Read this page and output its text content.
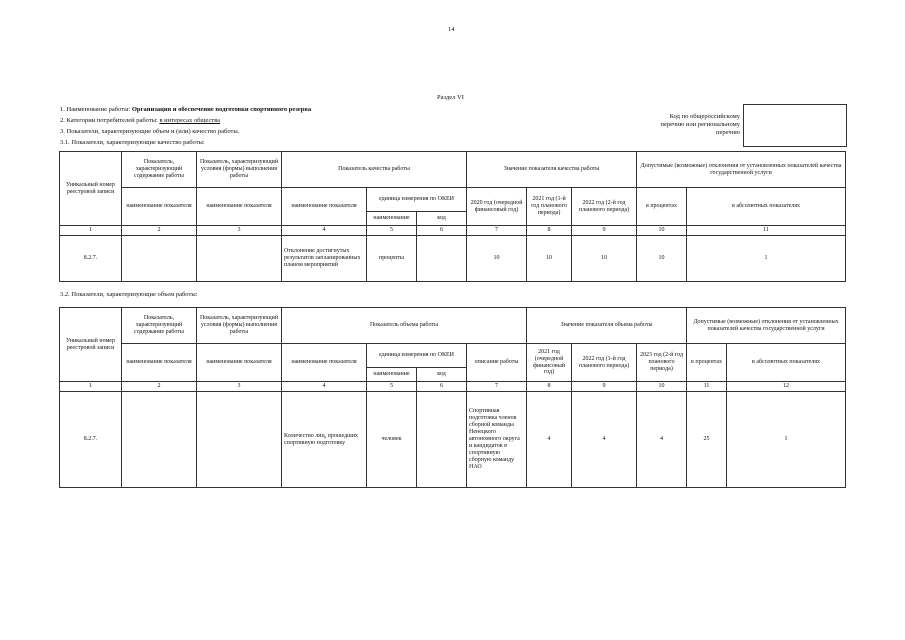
14
Раздел VI
1. Наименование работы: Организация и обеспечение подготовки спортивного резерва
2. Категории потребителей работы: в интересах общества
3. Показатели, характеризующие объем и (или) качество работы.
3.1. Показатели, характеризующие качество работы:
Код по общероссийскому
перечню или региональному
перечню
Уникальный номер реестровой записи	Показатель, характеризующий содержание работы	Показатель, характеризующий условия (формы) выполнения работы	Показатель качества работы			Значение показателя качества работы			Допустимые (возможные) отклонения от установленных показателей качества государственной услуги	
	наименование показателя	наименование показателя	наименование показателя	единица измерения по ОКЕИ		2020 год (очередной финансовый год)	2021 год (1-й год планового периода)	2022 год (2-й год планового периода)	в процентах	в абсолютных показателях
				наименование	код					
1	2	3	4	5	6	7	8	9	10	11
8.2.7.			Отклонение достигнутых результатов запланированных планом мероприятий	проценты		10	10	10	10	1
3.2. Показатели, характеризующие объем работы:
Уникальный номер реестровой записи	Показатель, характеризующий содержание работы	Показатель, характеризующий условия (формы) выполнения работы	Показатель объема работы				Значение показателя объема работы			Допустимые (возможные) отклонения от установленных показателей качества государственной услуги	
	наименование показателя	наименование показателя	наименование показателя	единица измерения по ОКЕИ		описание работы	2021 год (очередной финансовый год)	2022 год (1-й год планового периода)	2023 год (2-й год планового периода)	в процентах	в абсолютных показателях
				наименование	код						
1	2	3	4	5	6	7	8	9	10	11	12
8.2.7.			Количество лиц, прошедших спортивную подготовку	человек		Спортивная подготовка членов сборной команды Ненецкого автономного округа и кандидатов в спортивную сборную команду НАО	4	4	4	25	1
